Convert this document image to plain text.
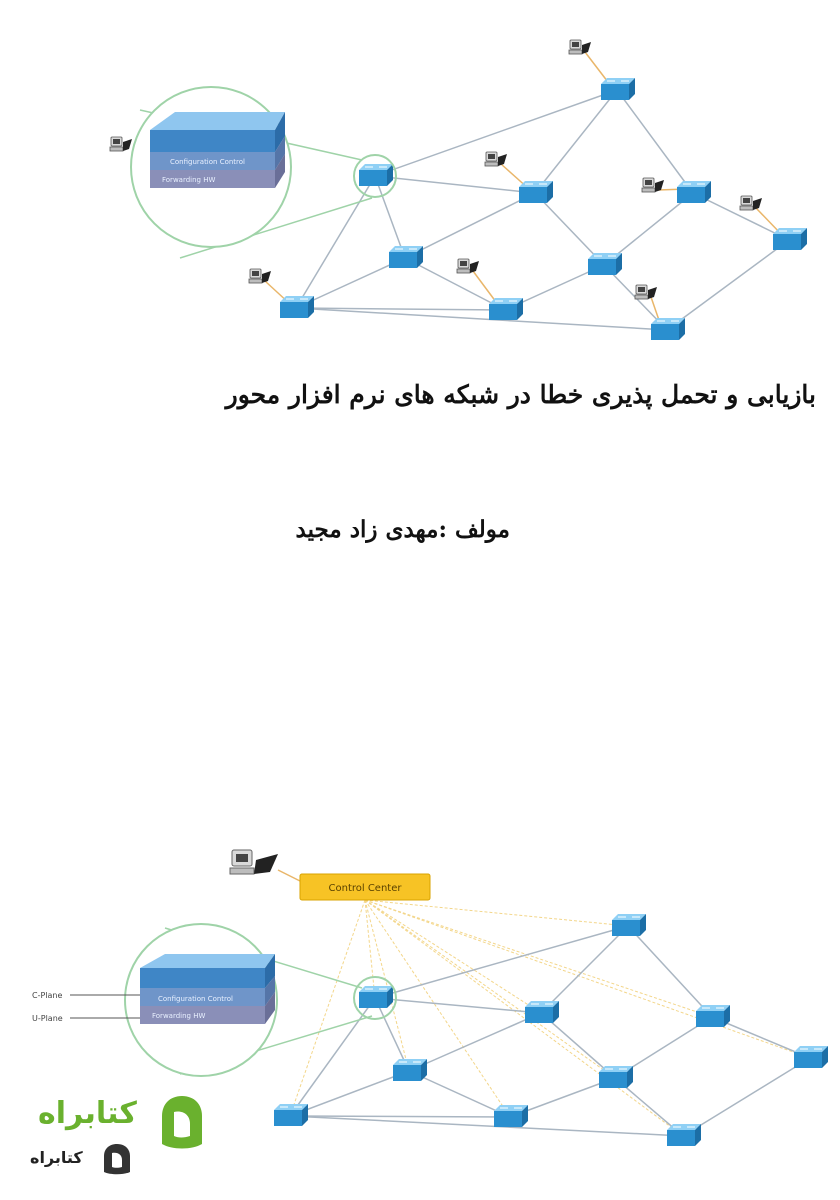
Configuration Control
Forwarding HW
بازیابی و تحمل پذیری خطا در شبکه های نرم افزار محور
مولف :مهدی زاد مجید
Control Center
Configuration Control
Forwarding HW
C-Plane
U-Plane
کتابراه
کتابراه
